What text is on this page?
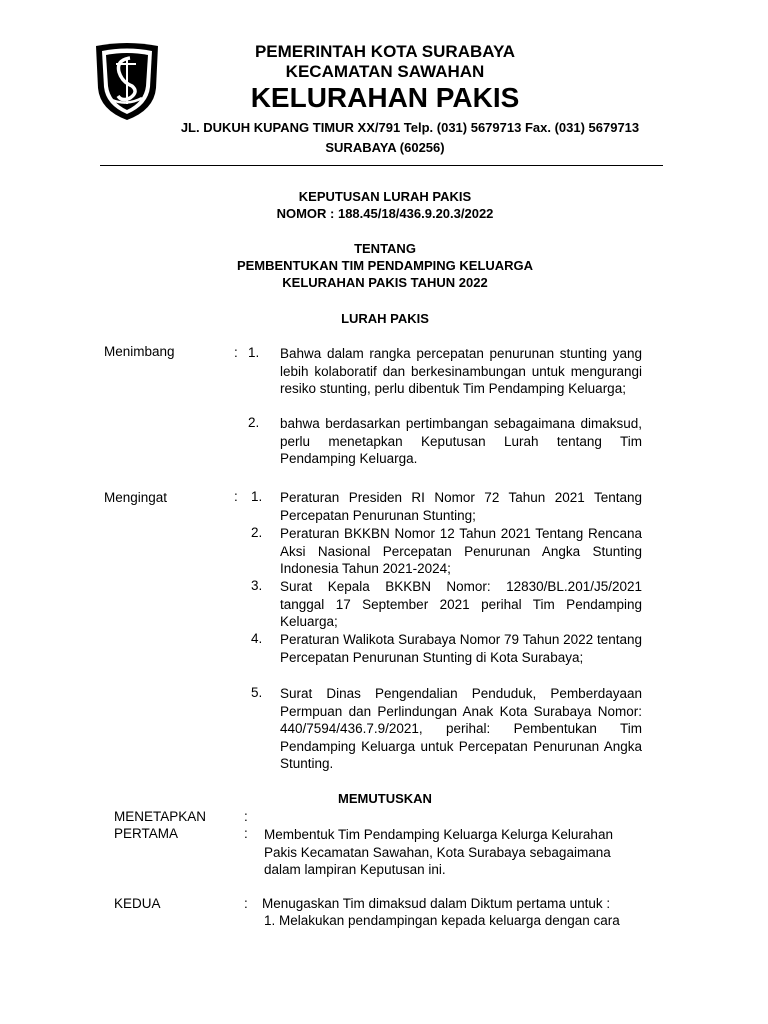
PEMERINTAH KOTA SURABAYA
KECAMATAN SAWAHAN
KELURAHAN PAKIS
JL. DUKUH KUPANG TIMUR XX/791 Telp. (031) 5679713 Fax. (031) 5679713
SURABAYA (60256)
KEPUTUSAN LURAH PAKIS
NOMOR : 188.45/18/436.9.20.3/2022
TENTANG
PEMBENTUKAN TIM PENDAMPING KELUARGA
KELURAHAN PAKIS TAHUN 2022
LURAH PAKIS
Menimbang	: 1. Bahwa dalam rangka percepatan penurunan stunting yang lebih kolaboratif dan berkesinambungan untuk mengurangi resiko stunting, perlu dibentuk Tim Pendamping Keluarga;
2. bahwa berdasarkan pertimbangan sebagaimana dimaksud, perlu menetapkan Keputusan Lurah tentang Tim Pendamping Keluarga.
Mengingat	: 1. Peraturan Presiden RI Nomor 72 Tahun 2021 Tentang Percepatan Penurunan Stunting;
2. Peraturan BKKBN Nomor 12 Tahun 2021 Tentang Rencana Aksi Nasional Percepatan Penurunan Angka Stunting Indonesia Tahun 2021-2024;
3. Surat Kepala BKKBN Nomor: 12830/BL.201/J5/2021 tanggal 17 September 2021 perihal Tim Pendamping Keluarga;
4. Peraturan Walikota Surabaya Nomor 79 Tahun 2022 tentang Percepatan Penurunan Stunting di Kota Surabaya;
5. Surat Dinas Pengendalian Penduduk, Pemberdayaan Permpuan dan Perlindungan Anak Kota Surabaya Nomor: 440/7594/436.7.9/2021, perihal: Pembentukan Tim Pendamping Keluarga untuk Percepatan Penurunan Angka Stunting.
MEMUTUSKAN
MENETAPKAN	:
PERTAMA	: Membentuk Tim Pendamping Keluarga Kelurga Kelurahan Pakis Kecamatan Sawahan, Kota Surabaya sebagaimana dalam lampiran Keputusan ini.
KEDUA	: Menugaskan Tim dimaksud dalam Diktum pertama untuk :
1. Melakukan pendampingan kepada keluarga dengan cara
